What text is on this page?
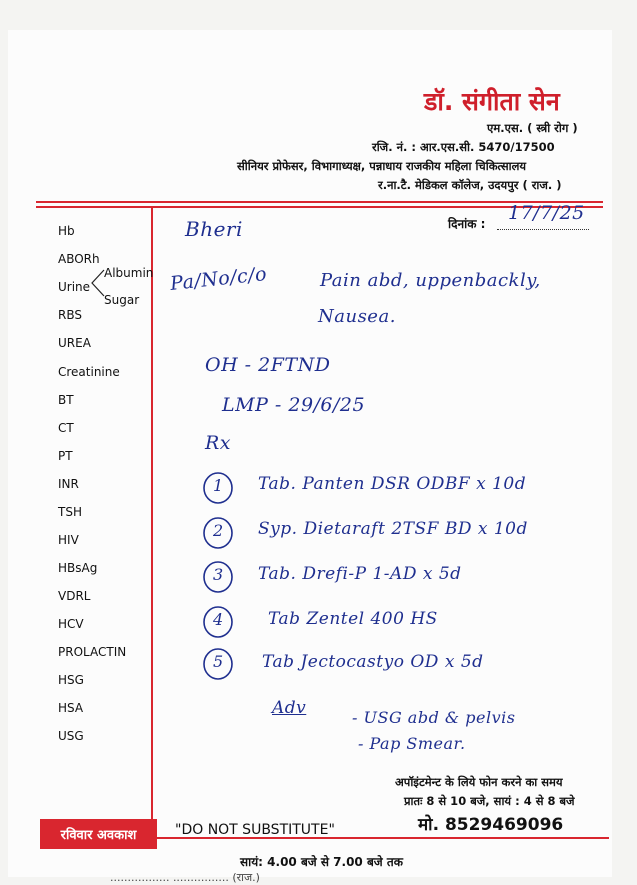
डॉ. संगीता सेन
एम.एस. ( स्त्री रोग )
रजि. नं. : आर.एस.सी. 5470/17500
सीनियर प्रोफेसर, विभागाध्यक्ष, पन्नाधाय राजकीय महिला चिकित्सालय
र.ना.टै. मेडिकल कॉलेज, उदयपुर ( राज. )
दिनांक : 17/7/25
Hb
ABORh
Urine
Albumin
Sugar
RBS
UREA
Creatinine
BT
CT
PT
INR
TSH
HIV
HBsAg
VDRL
HCV
PROLACTIN
HSG
HSA
USG
Bheri
Pa/No/c/o	Pain abd, uppenbackly,
Nausea.
OH - 2FTND
LMP - 29/6/25
Rx
1
2
3
4
5
Tab. Panten DSR ODBF x 10d
Syp. Dietaraft 2TSF BD x 10d
Tab. Drefi-P 1-AD x 5d
Tab Zentel 400 HS
Tab Jectocastyo OD x 5d
Adv	- USG abd & pelvis
- Pap Smear.
अपॉइंटमेन्ट के लिये फोन करने का समय
प्रातः 8 से 10 बजे, सायं : 4 से 8 बजे
मो. 8529469096
रविवार अवकाश	"DO NOT SUBSTITUTE"
सायं: 4.00 बजे से 7.00 बजे तक
................. ................ (राज.)
